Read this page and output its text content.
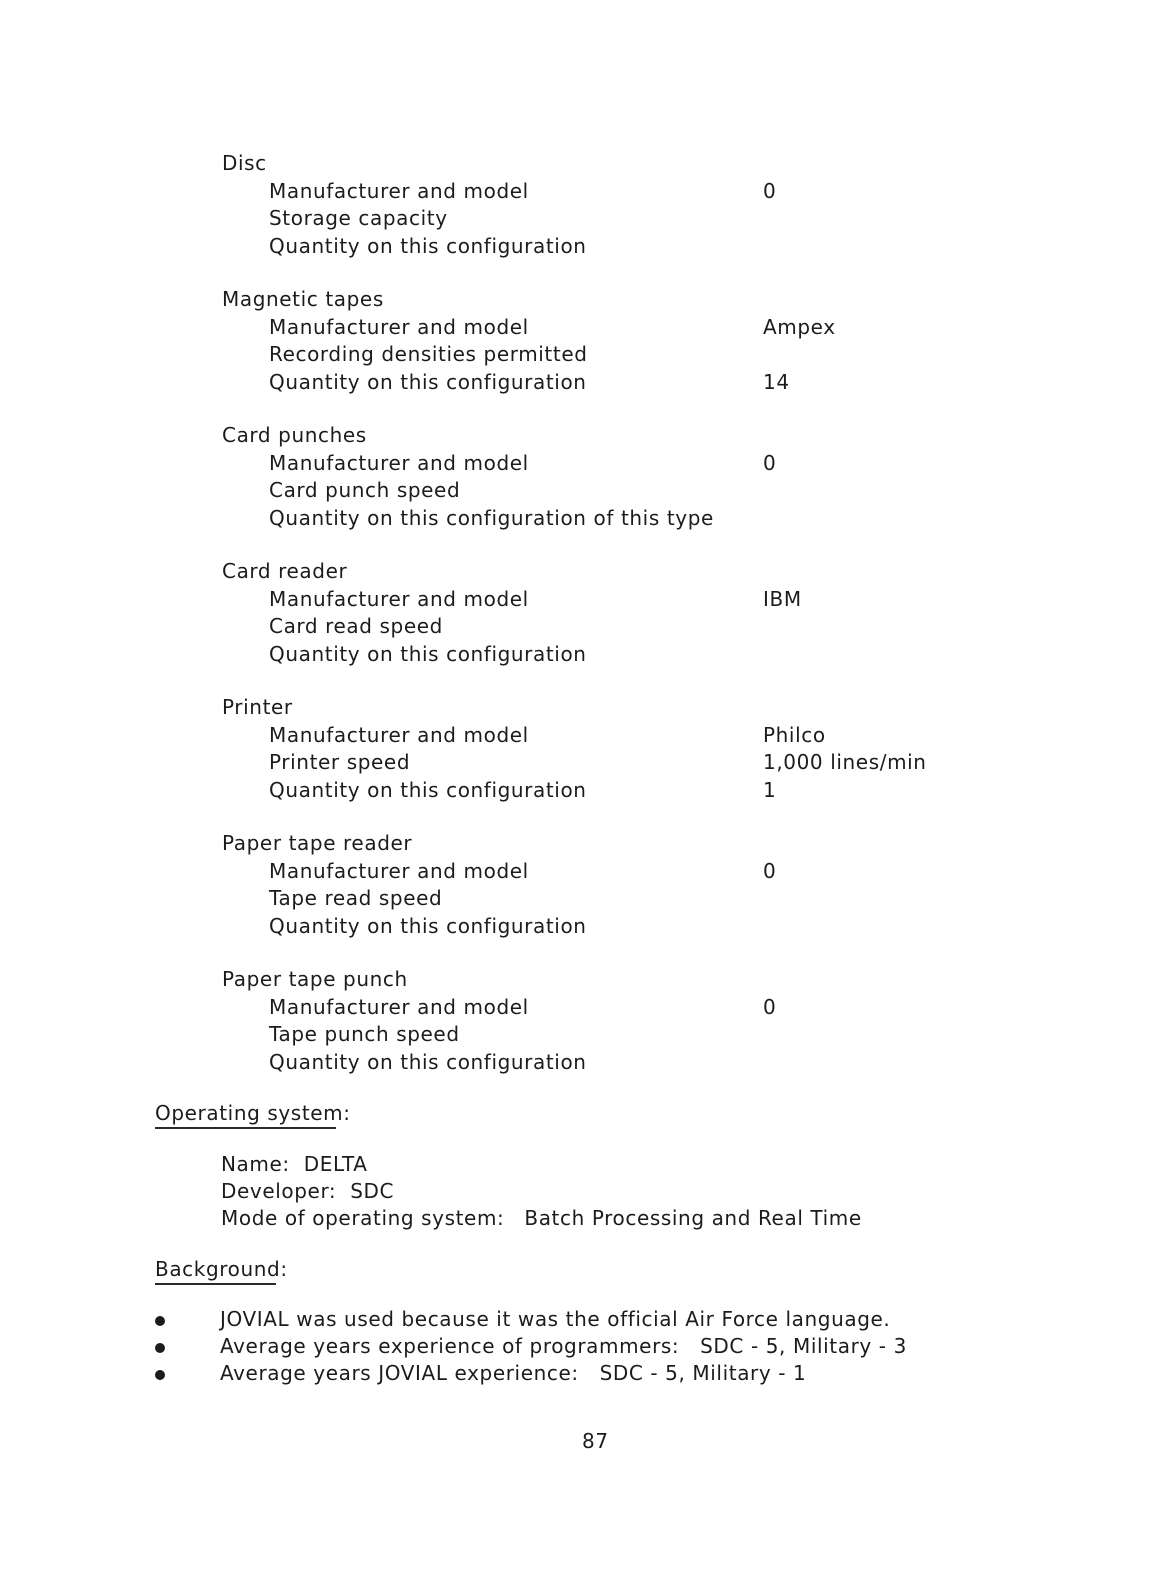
Disc
Manufacturer and model	0
Storage capacity
Quantity on this configuration
Magnetic tapes
Manufacturer and model	Ampex
Recording densities permitted
Quantity on this configuration	14
Card punches
Manufacturer and model	0
Card punch speed
Quantity on this configuration of this type
Card reader
Manufacturer and model	IBM
Card read speed
Quantity on this configuration
Printer
Manufacturer and model	Philco
Printer speed	1,000 lines/min
Quantity on this configuration	1
Paper tape reader
Manufacturer and model	0
Tape read speed
Quantity on this configuration
Paper tape punch
Manufacturer and model	0
Tape punch speed
Quantity on this configuration
Operating system:
Name: DELTA
Developer: SDC
Mode of operating system: Batch Processing and Real Time
Background:
JOVIAL was used because it was the official Air Force language.
Average years experience of programmers:   SDC - 5, Military - 3
Average years JOVIAL experience:   SDC - 5, Military - 1
87
